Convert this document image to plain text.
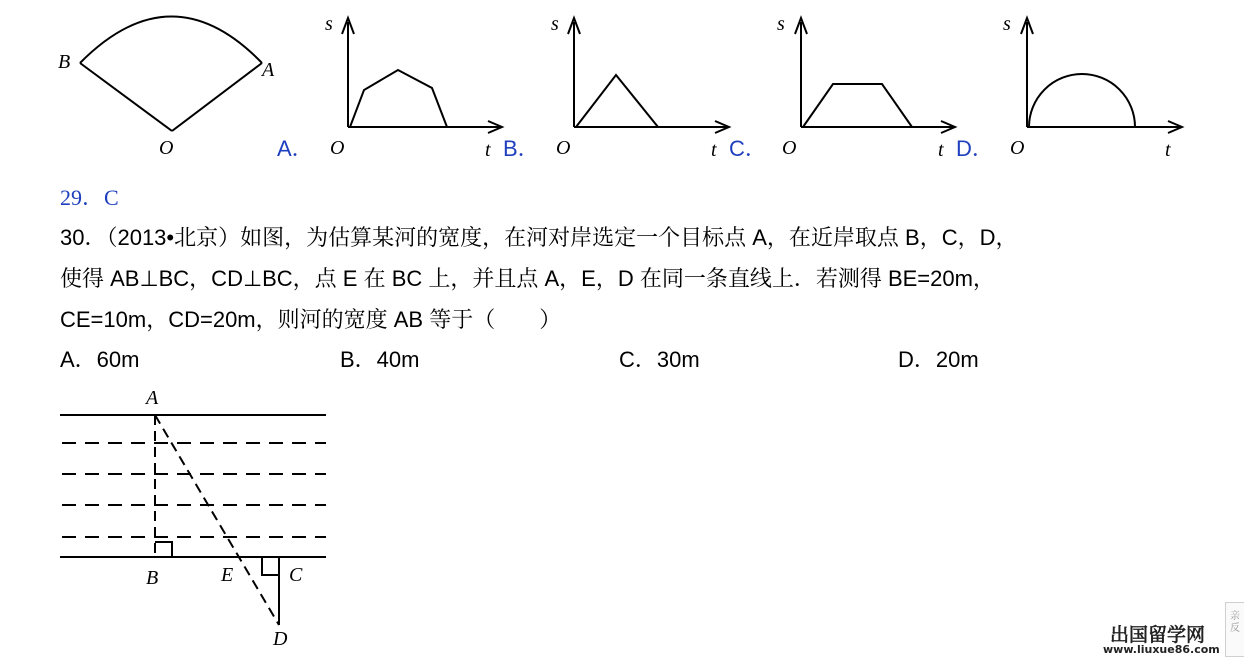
B	A
O
s
O	t
s
O	t
s
O	t
s
O	t
A．	B．	C．	D．
29．C
30．（2013•北京）如图，为估算某河的宽度，在河对岸选定一个目标点 A，在近岸取点 B，C，D，
使得 AB⊥BC，CD⊥BC，点 E 在 BC 上，并且点 A，E，D 在同一条直线上．若测得 BE=20m，
CE=10m，CD=20m，则河的宽度 AB 等于（　　）
A．60m	B．40m	C．30m	D．20m
A
B	E	C
D	出国留学网
www.liuxue86.com
亲反
